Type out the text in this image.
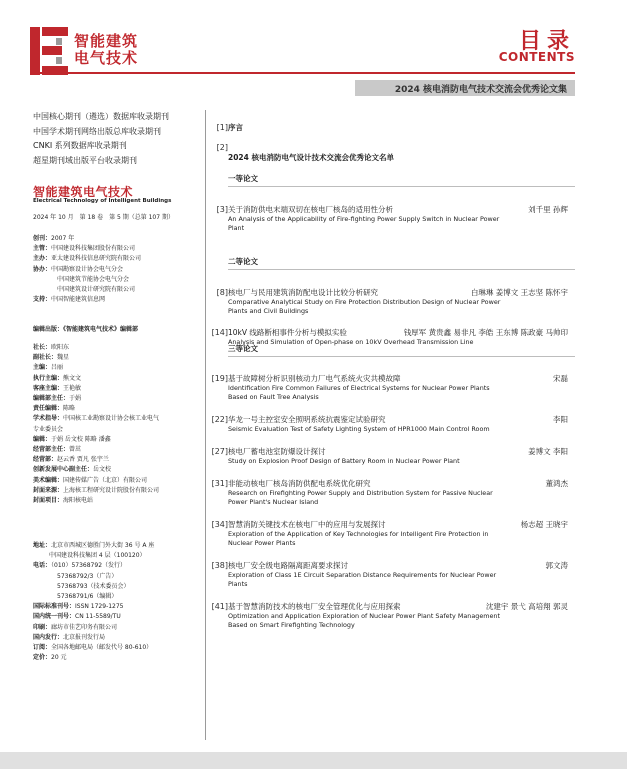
智能建筑
电气技术
目录
CONTENTS
2024 核电消防电气技术交流会优秀论文集
中国核心期刊（遴选）数据库收录期刊
中国学术期刊网络出版总库收录期刊
CNKI 系列数据库收录期刊
超星期刊域出版平台收录期刊
智能建筑电气技术
Electrical Technology of Intelligent Buildings
2024 年 10 月　第 18 卷　第 5 期（总第 107 期）

创刊：2007 年

主管：中国建设科技集团股份有限公司

主办：亚太建设科技信息研究院有限公司

协办：中国勘察设计协会电气分会

中国建筑节能协会电气分会

中国建筑设计研究院有限公司

支持：中国智能建筑信息网

编辑出版：《智能建筑电气技术》编辑部

社长：欧阳东

副社长：魏星

主编：吕丽

执行主编：熊文文

客座主编：王艳敏

编辑部主任：于娟

责任编辑：陈略

学术指导：中国核工业勘察设计协会核工业电气

专业委员会

编辑：于娟 岳文校 陈略 潘鑫

经营部主任：曾茁

经营部：赵云香 贾凡 张宇兰

创新发展中心副主任：岳文校

美术编辑：国建传媒广告（北京）有限公司

封面来源：上海核工程研究设计院股份有限公司

封面项目：海阳核电站

地址：北京市西城区德胜门外大街 36 号 A 座

中国建设科技集团 4 层（100120）

电话：（010）57368792（发行）

57368792/3（广告）

57368793（技术委员会）

57368791/6（编辑）

国际标准刊号：ISSN 1729-1275

国内统一刊号：CN 11-5589/TU

印刷：廊坊市佳艺印务有限公司

国内发行：北京报刊发行局

订阅：全国各地邮电局（邮发代号 80-610）

定价：20 元

[1] 序言
[2]
2024 核电消防电气设计技术交流会优秀论文名单
一等论文
[3] 关于消防供电末端双切在核电厂核岛的适用性分析	刘千里 孙辉
An Analysis of the Applicability of Fire-fighting Power Supply Switch in Nuclear Power Plant
二等论文
[8] 核电厂与民用建筑消防配电设计比较分析研究	白琳琳 姜博文 王志坚 陈怀宇
Comparative Analytical Study on Fire Protection Distribution Design of Nuclear Power Plants and Civil Buildings
[14] 10kV 线路断相事件分析与模拟实验	钱厚军 黄贵鑫 易非凡 李皓 王东博 陈政豪 马帅印
Analysis and Simulation of Open-phase on 10kV Overhead Transmission Line
三等论文
[19] 基于故障树分析识别核动力厂电气系统火灾共模故障	宋磊
Identification Fire Common Failures of Electrical Systems for Nuclear Power Plants Based on Fault Tree Analysis
[22] 华龙一号主控室安全照明系统抗震鉴定试验研究	李阳
Seismic Evaluation Test of Safety Lighting System of HPR1000 Main Control Room
[27] 核电厂蓄电池室防爆设计探讨	姜博文 李阳
Study on Explosion Proof Design of Battery Room in Nuclear Power Plant
[31] 非能动核电厂核岛消防供配电系统优化研究	董鸿杰
Research on Firefighting Power Supply and Distribution System for Passive Nuclear Power Plant's Nuclear Island
[34] 智慧消防关键技术在核电厂中的应用与发展探讨	杨志超 王晓宇
Exploration of the Application of Key Technologies for Intelligent Fire Protection in Nuclear Power Plants
[38] 核电厂安全级电路隔离距离要求探讨	郭文涛
Exploration of Class 1E Circuit Separation Distance Requirements for Nuclear Power Plants
[41] 基于智慧消防技术的核电厂安全管理优化与应用探索	沈建宇 景弋 高培翔 郭灵
Optimization and Application Exploration of Nuclear Power Plant Safety Management Based on Smart Firefighting Technology
